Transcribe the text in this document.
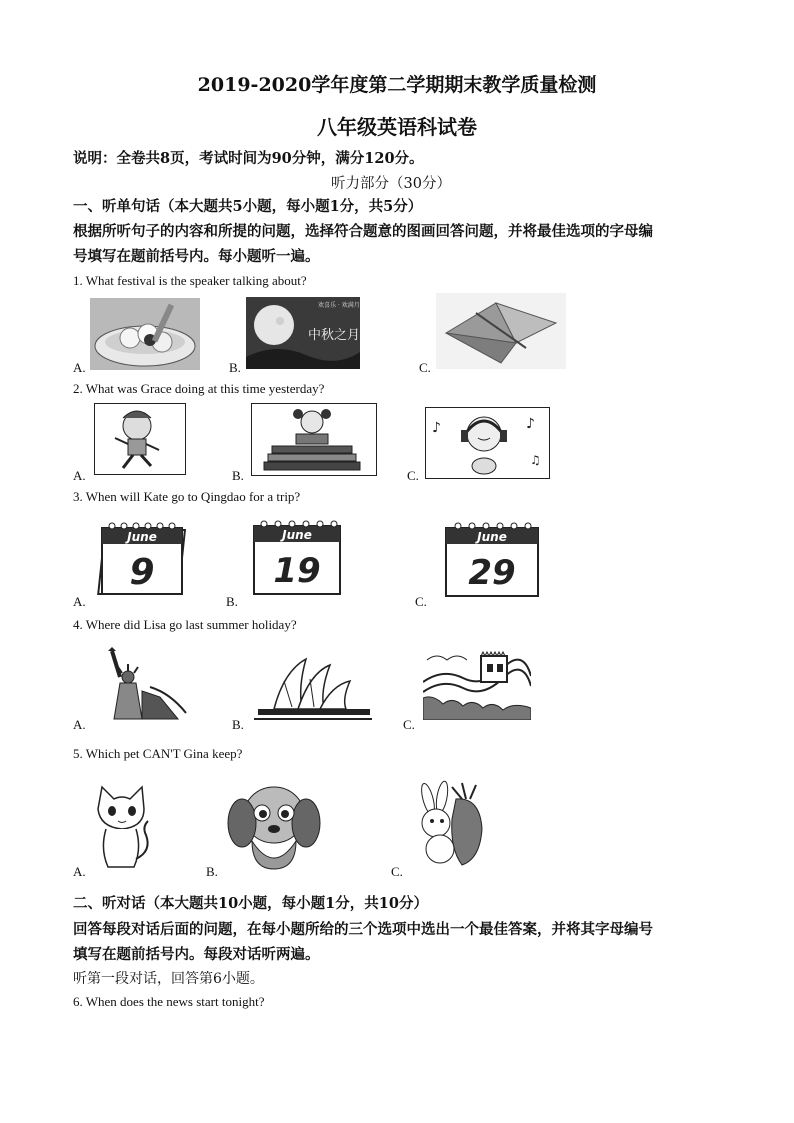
2019-2020学年度第二学期期末教学质量检测
八年级英语科试卷
说明：全卷共8页，考试时间为90分钟，满分120分。
听力部分（30分）
一、听单句话（本大题共5小题，每小题1分，共5分）
根据所听句子的内容和所提的问题，选择符合题意的图画回答问题，并将最佳选项的字母编
号填写在题前括号内。每小题听一遍。
1. What festival is the speaker talking about?
A.
中秋之月
欢喜乐 · 欢满月
B.	C.
2. What was Grace doing at this time yesterday?
A.	B.
♪	♪
♫
C.
3. When will Kate go to Qingdao for a trip?
June
9
A.
June
19
B.
June
29
C.
4. Where did Lisa go last summer holiday?
A.	B.	C.
5. Which pet CAN'T Gina keep?
A.	B.	C.
二、听对话（本大题共10小题，每小题1分，共10分）
回答每段对话后面的问题，在每小题所给的三个选项中选出一个最佳答案，并将其字母编号
填写在题前括号内。每段对话听两遍。
听第一段对话，回答第6小题。
6. When does the news start tonight?
